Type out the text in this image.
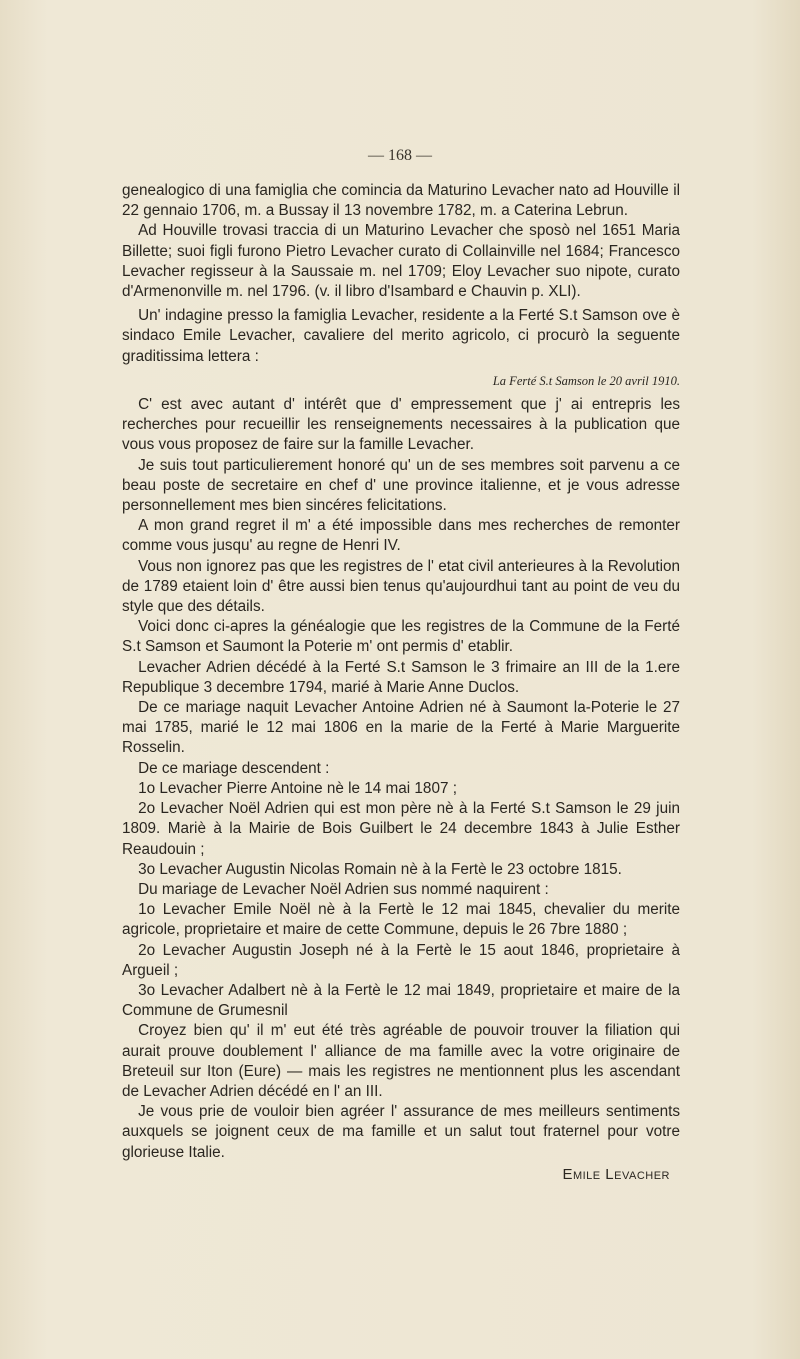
— 168 —

genealogico di una famiglia che comincia da Maturino Levacher nato ad Houville il 22 gennaio 1706, m. a Bussay il 13 novembre 1782, m. a Caterina Lebrun.

Ad Houville trovasi traccia di un Maturino Levacher che sposò nel 1651 Maria Billette; suoi figli furono Pietro Levacher curato di Collainville nel 1684; Francesco Levacher regisseur à la Saussaie m. nel 1709; Eloy Levacher suo nipote, curato d'Armenonville m. nel 1796. (v. il libro d'Isambard e Chauvin p. XLI).

Un' indagine presso la famiglia Levacher, residente a la Ferté S.t Samson ove è sindaco Emile Levacher, cavaliere del merito agricolo, ci procurò la seguente graditissima lettera :

La Ferté S.t Samson le 20 avril 1910.

C' est avec autant d' intérêt que d' empressement que j' ai entrepris les recherches pour recueillir les renseignements necessaires à la publication que vous vous proposez de faire sur la famille Levacher.

Je suis tout particulierement honoré qu' un de ses membres soit parvenu a ce beau poste de secretaire en chef d' une province italienne, et je vous adresse personnellement mes bien sincéres felicitations.

A mon grand regret il m' a été impossible dans mes recherches de remonter comme vous jusqu' au regne de Henri IV.

Vous non ignorez pas que les registres de l' etat civil anterieures à la Revolution de 1789 etaient loin d' être aussi bien tenus qu'aujourdhui tant au point de veu du style que des détails.

Voici donc ci-apres la généalogie que les registres de la Commune de la Ferté S.t Samson et Saumont la Poterie m' ont permis d' etablir.

Levacher Adrien décédé à la Ferté S.t Samson le 3 frimaire an III de la 1.ere Republique 3 decembre 1794, marié à Marie Anne Duclos.

De ce mariage naquit Levacher Antoine Adrien né à Saumont la-Poterie le 27 mai 1785, marié le 12 mai 1806 en la marie de la Ferté à Marie Marguerite Rosselin.

De ce mariage descendent :

1o Levacher Pierre Antoine nè le 14 mai 1807 ;

2o Levacher Noël Adrien qui est mon père nè à la Ferté S.t Samson le 29 juin 1809. Mariè à la Mairie de Bois Guilbert le 24 decembre 1843 à Julie Esther Reaudouin ;

3o Levacher Augustin Nicolas Romain nè à la Fertè le 23 octobre 1815.

Du mariage de Levacher Noël Adrien sus nommé naquirent :

1o Levacher Emile Noël nè à la Fertè le 12 mai 1845, chevalier du merite agricole, proprietaire et maire de cette Commune, depuis le 26 7bre 1880 ;

2o Levacher Augustin Joseph né à la Fertè le 15 aout 1846, proprietaire à Argueil ;

3o Levacher Adalbert nè à la Fertè le 12 mai 1849, proprietaire et maire de la Commune de Grumesnil

Croyez bien qu' il m' eut été très agréable de pouvoir trouver la filiation qui aurait prouve doublement l' alliance de ma famille avec la votre originaire de Breteuil sur Iton (Eure) — mais les registres ne mentionnent plus les ascendant de Levacher Adrien décédé en l' an III.

Je vous prie de vouloir bien agréer l' assurance de mes meilleurs sentiments auxquels se joignent ceux de ma famille et un salut tout fraternel pour votre glorieuse Italie.

Emile Levacher
